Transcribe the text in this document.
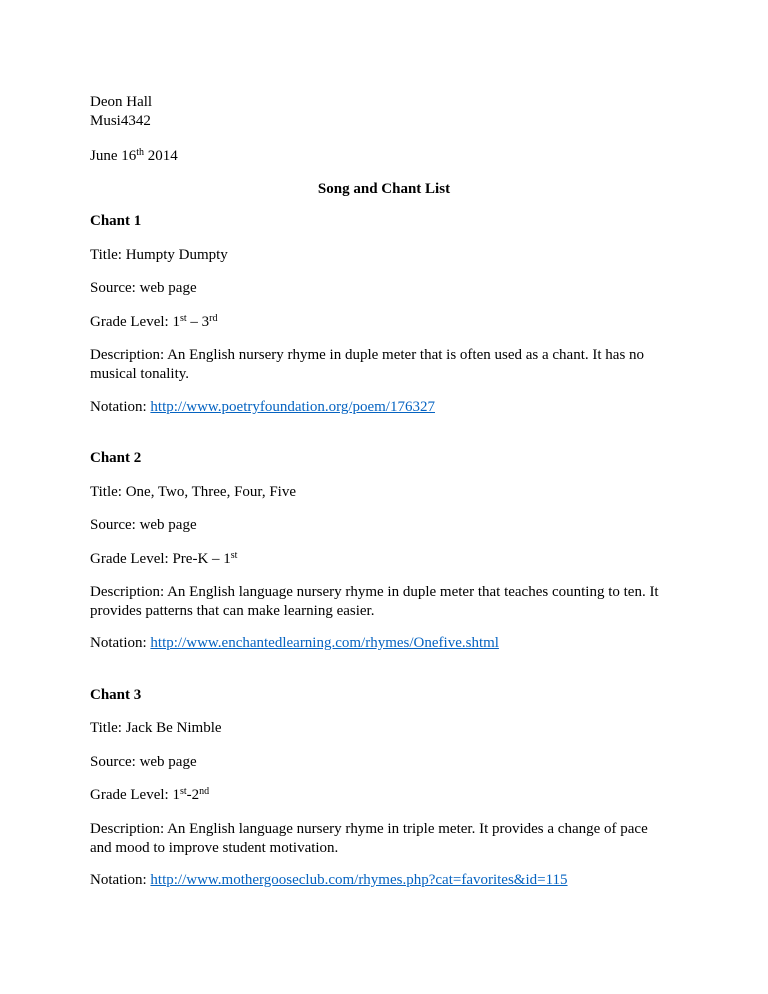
Deon Hall
Musi4342
June 16th 2014
Song and Chant List
Chant 1
Title: Humpty Dumpty
Source: web page
Grade Level: 1st – 3rd
Description: An English nursery rhyme in duple meter that is often used as a chant. It has no musical tonality.
Notation: http://www.poetryfoundation.org/poem/176327
Chant 2
Title: One, Two, Three, Four, Five
Source: web page
Grade Level: Pre-K – 1st
Description: An English language nursery rhyme in duple meter that teaches counting to ten. It provides patterns that can make learning easier.
Notation: http://www.enchantedlearning.com/rhymes/Onefive.shtml
Chant 3
Title: Jack Be Nimble
Source: web page
Grade Level: 1st-2nd
Description: An English language nursery rhyme in triple meter. It provides a change of pace and mood to improve student motivation.
Notation: http://www.mothergooseclub.com/rhymes.php?cat=favorites&id=115
